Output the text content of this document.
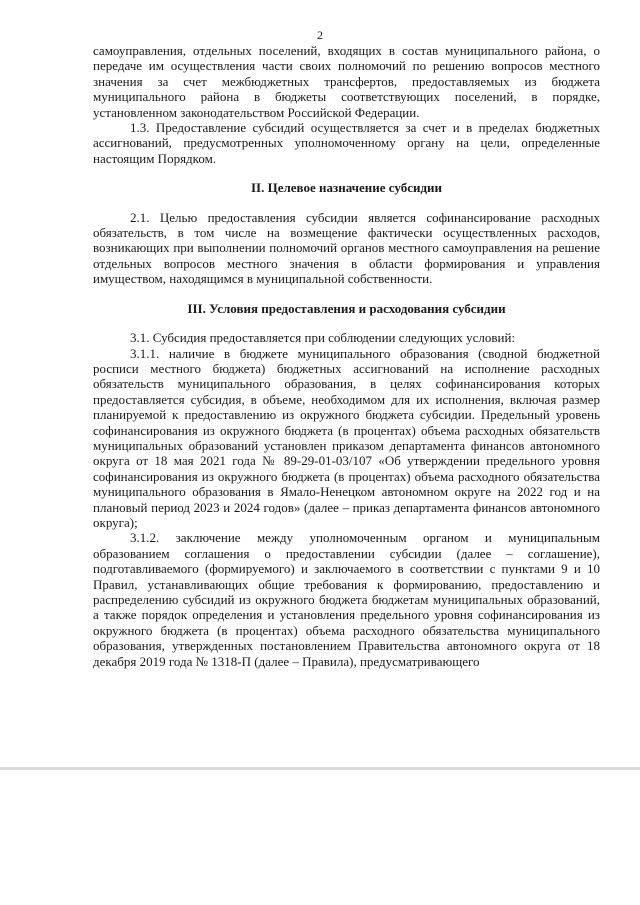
2

самоуправления, отдельных поселений, входящих в состав муниципального района, о передаче им осуществления части своих полномочий по решению вопросов местного значения за счет межбюджетных трансфертов, предоставляемых из бюджета муниципального района в бюджеты соответствующих поселений, в порядке, установленном законодательством Российской Федерации.

1.3. Предоставление субсидий осуществляется за счет и в пределах бюджетных ассигнований, предусмотренных уполномоченному органу на цели, определенные настоящим Порядком.

II. Целевое назначение субсидии

2.1. Целью предоставления субсидии является софинансирование расходных обязательств, в том числе на возмещение фактически осуществленных расходов, возникающих при выполнении полномочий органов местного самоуправления на решение отдельных вопросов местного значения в области формирования и управления имуществом, находящимся в муниципальной собственности.

III. Условия предоставления и расходования субсидии

3.1. Субсидия предоставляется при соблюдении следующих условий:

3.1.1. наличие в бюджете муниципального образования (сводной бюджетной росписи местного бюджета) бюджетных ассигнований на исполнение расходных обязательств муниципального образования, в целях софинансирования которых предоставляется субсидия, в объеме, необходимом для их исполнения, включая размер планируемой к предоставлению из окружного бюджета субсидии. Предельный уровень софинансирования из окружного бюджета (в процентах) объема расходных обязательств муниципальных образований установлен приказом департамента финансов автономного округа от 18 мая 2021 года № 89-29-01-03/107 «Об утверждении предельного уровня софинансирования из окружного бюджета (в процентах) объема расходного обязательства муниципального образования в Ямало-Ненецком автономном округе на 2022 год и на плановый период 2023 и 2024 годов» (далее – приказ департамента финансов автономного округа);

3.1.2. заключение между уполномоченным органом и муниципальным образованием соглашения о предоставлении субсидии (далее – соглашение), подготавливаемого (формируемого) и заключаемого в соответствии с пунктами 9 и 10 Правил, устанавливающих общие требования к формированию, предоставлению и распределению субсидий из окружного бюджета бюджетам муниципальных образований, а также порядок определения и установления предельного уровня софинансирования из окружного бюджета (в процентах) объема расходного обязательства муниципального образования, утвержденных постановлением Правительства автономного округа от 18 декабря 2019 года № 1318-П (далее – Правила), предусматривающего
